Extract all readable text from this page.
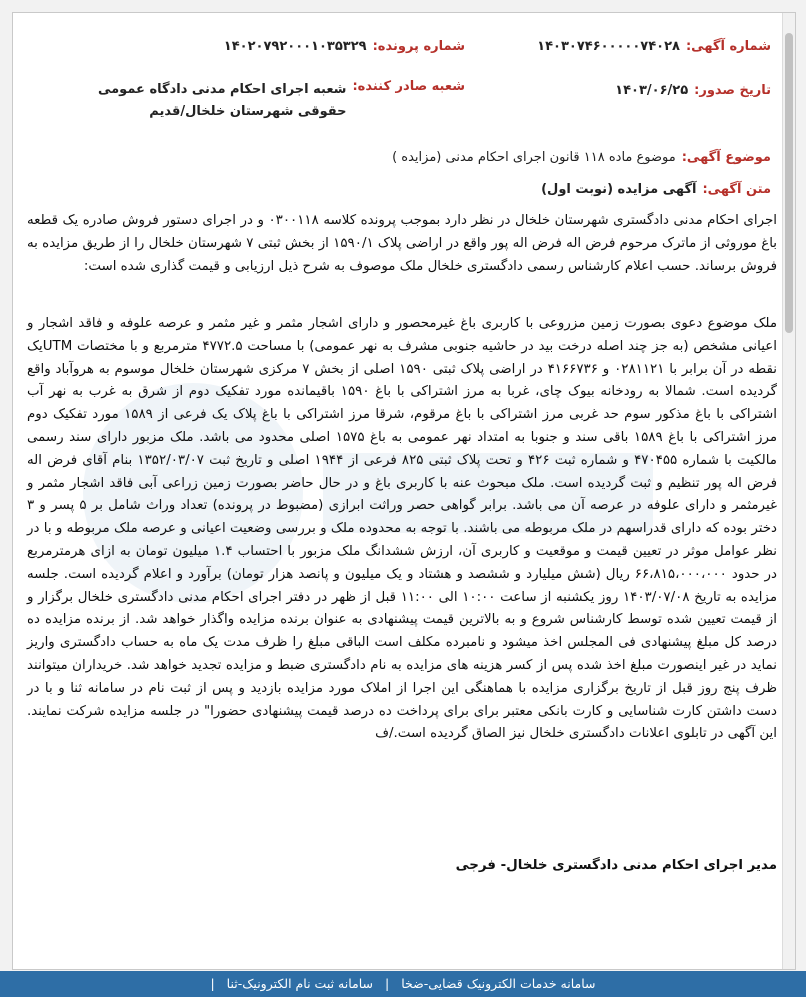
شماره آگهی:۱۴۰۳۰۷۴۶۰۰۰۰۰۷۴۰۲۸
شماره پرونده:۱۴۰۲۰۷۹۲۰۰۰۱۰۳۵۳۲۹
تاریخ صدور:۱۴۰۳/۰۶/۲۵
شعبه صادر کننده:شعبه اجرای احکام مدنی دادگاه عمومی حقوقی شهرستان خلخال/قدیم
موضوع آگهی:موضوع ماده ۱۱۸ قانون اجرای احکام مدنی (مزایده )
متن آگهی:آگهی مزایده (نوبت اول)
اجرای احکام مدنی دادگستری شهرستان خلخال در نظر دارد بموجب پرونده کلاسه ۰۳۰۰۱۱۸ و در اجرای دستور فروش صادره یک قطعه باغ موروثی از ماترک مرحوم فرض اله فرض اله پور واقع در اراضی پلاک ۱۵۹۰/۱ از بخش ثبتی ۷ شهرستان خلخال را از طریق مزایده به فروش برساند. حسب اعلام کارشناس رسمی دادگستری خلخال ملک موصوف به شرح ذیل ارزیابی و قیمت گذاری شده است:
ملک موضوع دعوی بصورت زمین مزروعی با کاربری باغ غیرمحصور و دارای اشجار مثمر و غیر مثمر و عرصه علوفه و فاقد اشجار و اعیانی مشخص (به جز چند اصله درخت بید در حاشیه جنوبی مشرف به نهر عمومی) با مساحت ۴۷۷۲.۵ مترمربع و با مختصات UTMیک نقطه در آن برابر با ۰۲۸۱۱۲۱ و ۴۱۶۶۷۳۶ در اراضی پلاک ثبتی ۱۵۹۰ اصلی از بخش ۷ مرکزی شهرستان خلخال موسوم به هروآباد واقع گردیده است. شمالا به رودخانه بیوک چای، غربا به مرز اشتراکی با باغ ۱۵۹۰ باقیمانده مورد تفکیک دوم از شرق به غرب به نهر آب اشتراکی با باغ مذکور سوم حد غربی مرز اشتراکی با باغ مرقوم، شرقا مرز اشتراکی با باغ پلاک یک فرعی از ۱۵۸۹ مورد تفکیک دوم مرز اشتراکی با باغ ۱۵۸۹ باقی سند و جنوبا به امتداد نهر عمومی به باغ ۱۵۷۵ اصلی محدود می باشد. ملک مزبور دارای سند رسمی مالکیت با شماره ۴۷۰۴۵۵ و شماره ثبت ۴۲۶ و تحت پلاک ثبتی ۸۲۵ فرعی از ۱۹۴۴ اصلی و تاریخ ثبت ۱۳۵۲/۰۳/۰۷ بنام آقای فرض اله فرض اله پور تنظیم و ثبت گردیده است. ملک مبحوث عنه با کاربری باغ و در حال حاضر بصورت زمین زراعی آبی فاقد اشجار مثمر و غیرمثمر و دارای علوفه در عرصه آن می باشد. برابر گواهی حصر وراثت ابرازی (مضبوط در پرونده) تعداد وراث شامل بر ۵ پسر و ۳ دختر بوده که دارای قدراسهم در ملک مربوطه می باشند. با توجه به محدوده ملک و بررسی وضعیت اعیانی و عرصه ملک مربوطه و با در نظر عوامل موثر در تعیین قیمت و موقعیت و کاربری آن، ارزش ششدانگ ملک مزبور با احتساب ۱.۴ میلیون تومان به ازای هرمترمربع در حدود ۶۶،۸۱۵،۰۰۰،۰۰۰ ریال (شش میلیارد و ششصد و هشتاد و یک میلیون و پانصد هزار تومان) برآورد و اعلام گردیده است. جلسه مزایده به تاریخ ۱۴۰۳/۰۷/۰۸ روز یکشنبه از ساعت ۱۰:۰۰ الی ۱۱:۰۰ قبل از ظهر در دفتر اجرای احکام مدنی دادگستری خلخال برگزار و از قیمت تعیین شده توسط کارشناس شروع و به بالاترین قیمت پیشنهادی به عنوان برنده مزایده واگذار خواهد شد. از برنده مزایده ده درصد کل مبلغ پیشنهادی فی المجلس اخذ میشود و نامبرده مکلف است الباقی مبلغ را ظرف مدت یک ماه به حساب دادگستری واریز نماید در غیر اینصورت مبلغ اخذ شده پس از کسر هزینه های مزایده به نام دادگستری ضبط و مزایده تجدید خواهد شد. خریداران میتوانند ظرف پنج روز قبل از تاریخ برگزاری مزایده با هماهنگی این اجرا از املاک مورد مزایده بازدید و پس از ثبت نام در سامانه ثنا و با در دست داشتن کارت شناسایی و کارت بانکی معتبر برای برای پرداخت ده درصد قیمت پیشنهادی حضورا" در جلسه مزایده شرکت نمایند. این آگهی در تابلوی اعلانات دادگستری خلخال نیز الصاق گردیده است./ف
مدیر اجرای احکام مدنی دادگستری خلخال- فرجی
سامانه خدمات الکترونیک قضایی-ضخا | سامانه ثبت نام الکترونیک-ثنا |
